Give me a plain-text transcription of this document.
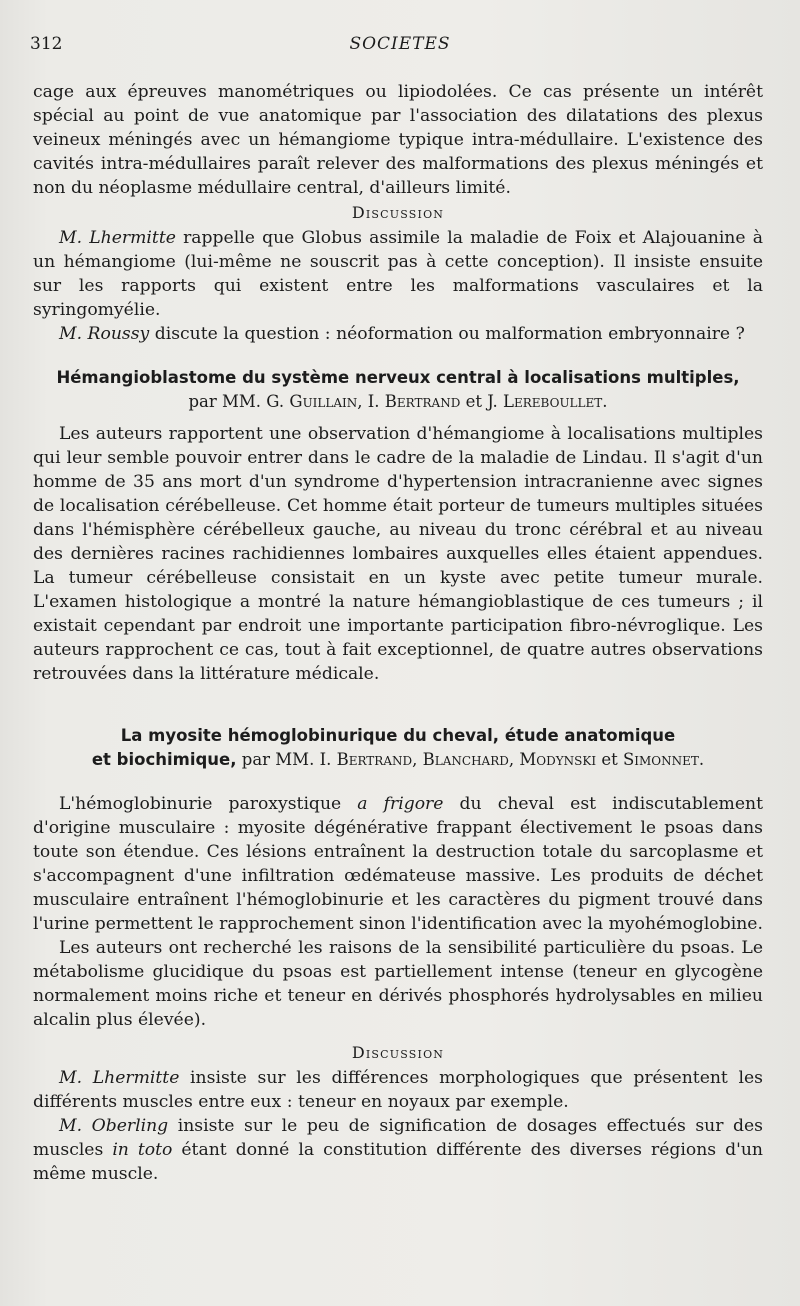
312	SOCIETES

cage aux épreuves manométriques ou lipiodolées. Ce cas présente un intérêt spécial au point de vue anatomique par l'association des dilatations des plexus veineux méningés avec un hémangiome typique intra-médullaire. L'existence des cavités intra-médullaires paraît relever des malformations des plexus méningés et non du néoplasme médullaire central, d'ailleurs limité.

Discussion

M. Lhermitte rappelle que Globus assimile la maladie de Foix et Alajouanine à un hémangiome (lui-même ne souscrit pas à cette conception). Il insiste ensuite sur les rapports qui existent entre les malformations vasculaires et la syringomyélie.

M. Roussy discute la question : néoformation ou malformation embryonnaire ?

Hémangioblastome du système nerveux central à localisations multiples,
par MM. G. Guillain, I. Bertrand et J. Lereboullet.

Les auteurs rapportent une observation d'hémangiome à localisations multiples qui leur semble pouvoir entrer dans le cadre de la maladie de Lindau. Il s'agit d'un homme de 35 ans mort d'un syndrome d'hypertension intracranienne avec signes de localisation cérébelleuse. Cet homme était porteur de tumeurs multiples situées dans l'hémisphère cérébelleux gauche, au niveau du tronc cérébral et au niveau des dernières racines rachidiennes lombaires auxquelles elles étaient appendues. La tumeur cérébelleuse consistait en un kyste avec petite tumeur murale. L'examen histologique a montré la nature hémangioblastique de ces tumeurs ; il existait cependant par endroit une importante participation fibro-névroglique. Les auteurs rapprochent ce cas, tout à fait exceptionnel, de quatre autres observations retrouvées dans la littérature médicale.

La myosite hémoglobinurique du cheval, étude anatomique
et biochimique, par MM. I. Bertrand, Blanchard, Modynski et Simonnet.

L'hémoglobinurie paroxystique a frigore du cheval est indiscutablement d'origine musculaire : myosite dégénérative frappant électivement le psoas dans toute son étendue. Ces lésions entraînent la destruction totale du sarcoplasme et s'accompagnent d'une infiltration œdémateuse massive. Les produits de déchet musculaire entraînent l'hémoglobinurie et les caractères du pigment trouvé dans l'urine permettent le rapprochement sinon l'identification avec la myohémoglobine.

Les auteurs ont recherché les raisons de la sensibilité particulière du psoas. Le métabolisme glucidique du psoas est partiellement intense (teneur en glycogène normalement moins riche et teneur en dérivés phosphorés hydrolysables en milieu alcalin plus élevée).

Discussion

M. Lhermitte insiste sur les différences morphologiques que présentent les différents muscles entre eux : teneur en noyaux par exemple.

M. Oberling insiste sur le peu de signification de dosages effectués sur des muscles in toto étant donné la constitution différente des diverses régions d'un même muscle.
